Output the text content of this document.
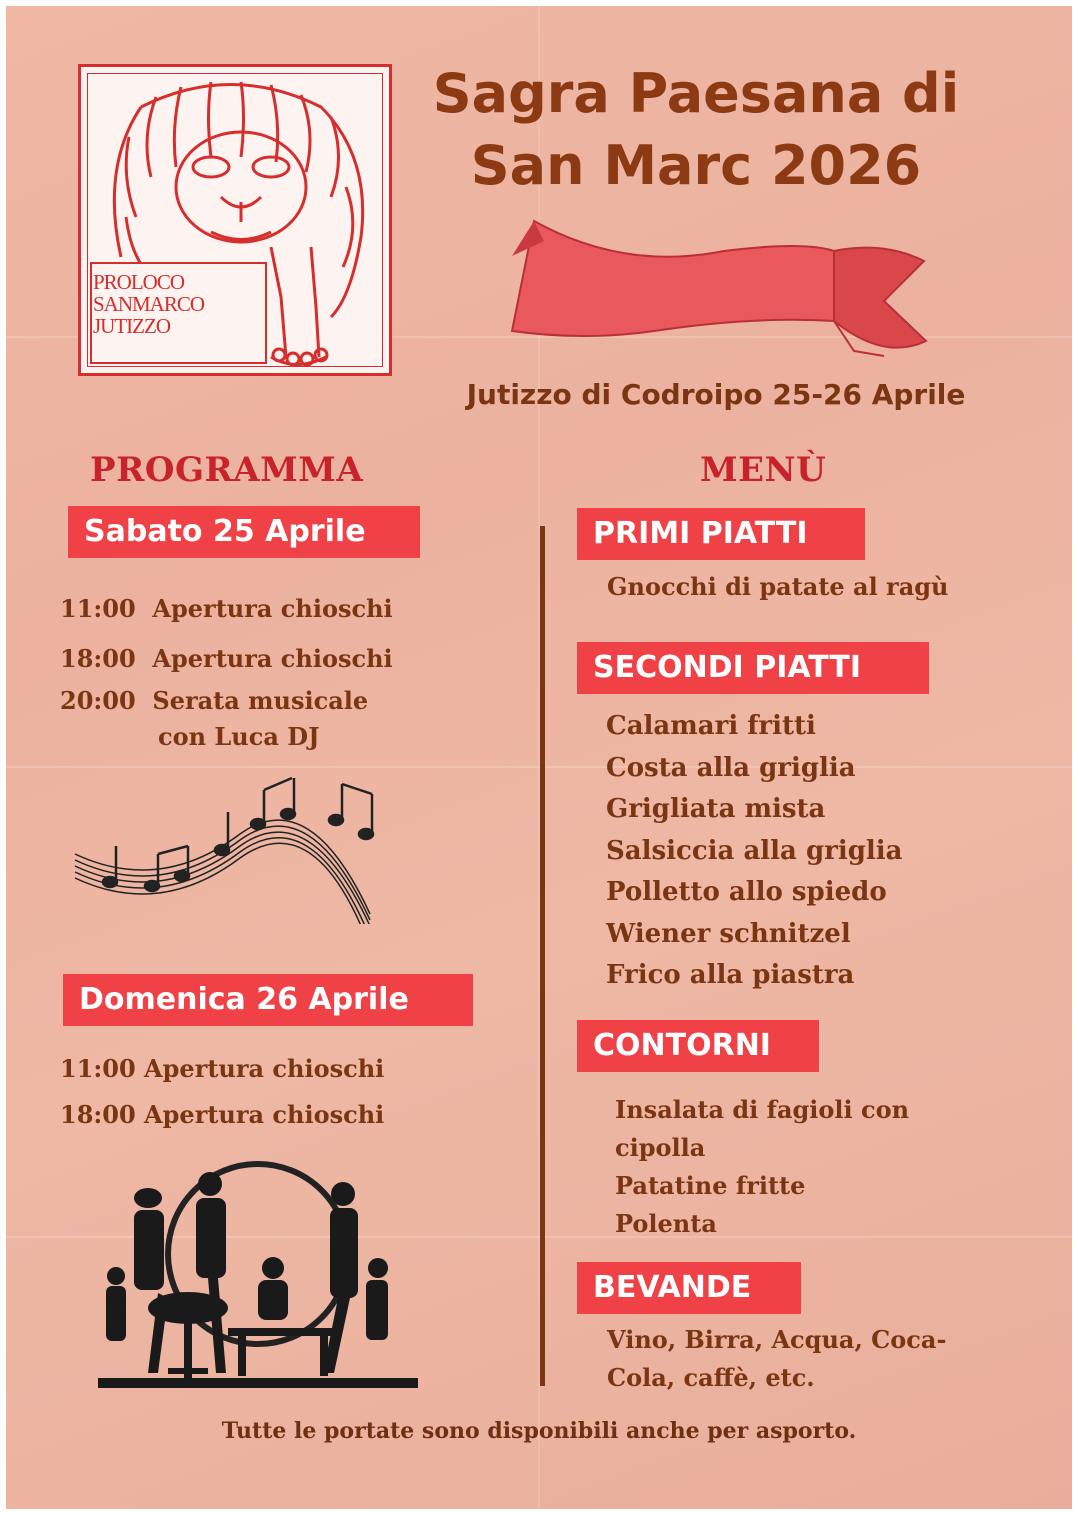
PROLOCO
SANMARCO
JUTIZZO
Sagra Paesana di
San Marc 2026
Jutizzo di Codroipo 25-26 Aprile
PROGRAMMA
Sabato 25 Aprile
11:00 Apertura chioschi
18:00 Apertura chioschi
20:00 Serata musicale
con Luca DJ
Domenica 26 Aprile
11:00 Apertura chioschi
18:00 Apertura chioschi
MENÙ
PRIMI PIATTI
Gnocchi di patate al ragù
SECONDI PIATTI
Calamari fritti
Costa alla griglia
Grigliata mista
Salsiccia alla griglia
Polletto allo spiedo
Wiener schnitzel
Frico alla piastra
CONTORNI
Insalata di fagioli con
cipolla
Patatine fritte
Polenta
BEVANDE
Vino, Birra, Acqua, Coca-
Cola, caffè, etc.
Tutte le portate sono disponibili anche per asporto.
